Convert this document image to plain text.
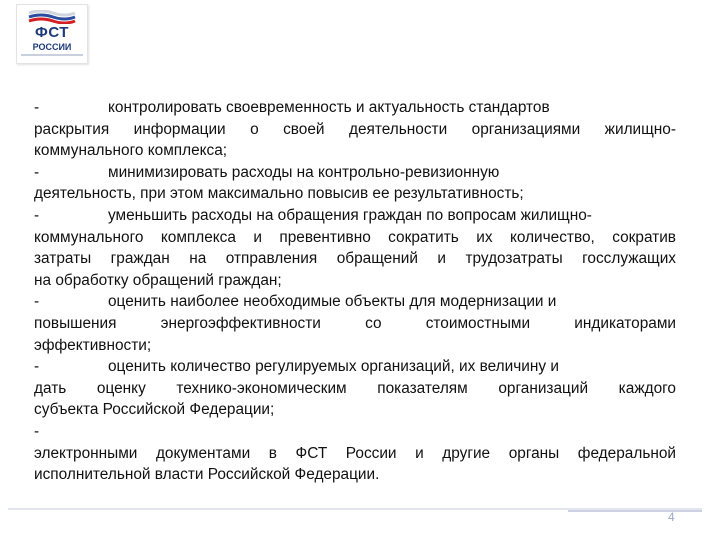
ФСТ
РОССИИ

-	контролировать своевременность и актуальность стандартов

раскрытия информации о своей деятельности организациями жилищно-

коммунального комплекса;

-	минимизировать расходы на контрольно-ревизионную

деятельность, при этом максимально повысив ее результативность;

-	уменьшить расходы на обращения граждан по вопросам жилищно-

коммунального комплекса и превентивно сократить их количество, сократив

затраты граждан на отправления обращений и трудозатраты госслужащих

на обработку обращений граждан;

-	оценить наиболее необходимые объекты для модернизации и

повышения энергоэффективности со стоимостными индикаторами

эффективности;

-	оценить количество регулируемых организаций, их величину и

дать оценку технико-экономическим показателям организаций каждого

субъекта Российской Федерации;

-

электронными документами в ФСТ России и другие органы федеральной

исполнительной власти Российской Федерации.

4
